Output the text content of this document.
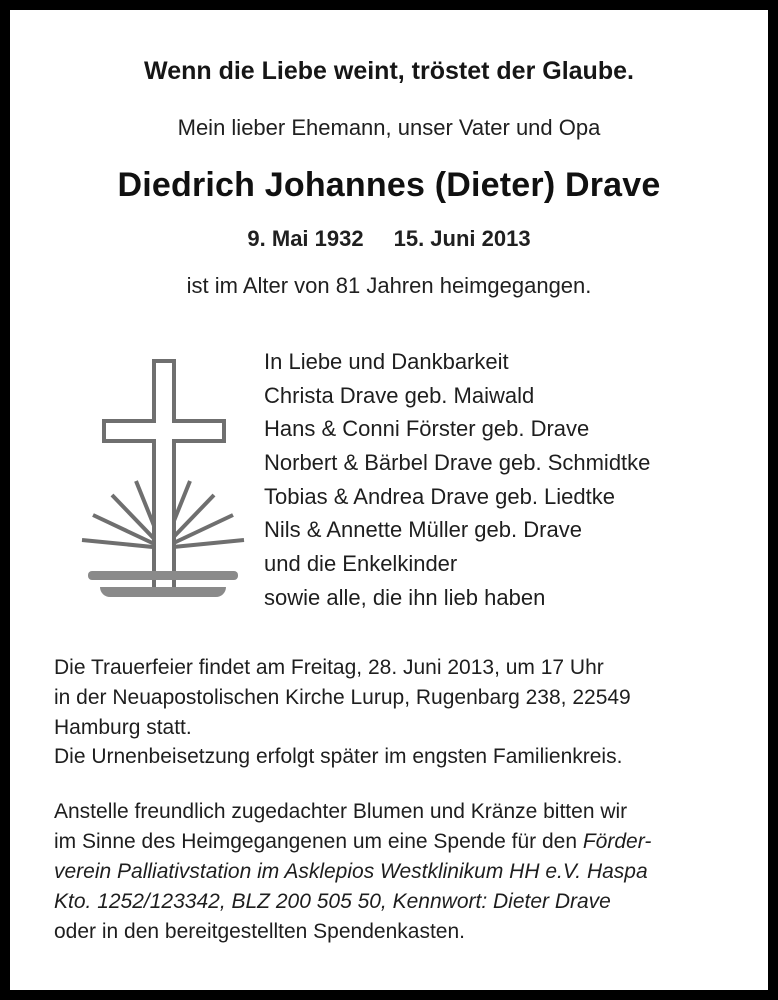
Wenn die Liebe weint, tröstet der Glaube.
Mein lieber Ehemann, unser Vater und Opa
Diedrich Johannes (Dieter) Drave
9. Mai 1932 15. Juni 2013
ist im Alter von 81 Jahren heimgegangen.
In Liebe und Dankbarkeit
Christa Drave geb. Maiwald
Hans & Conni Förster geb. Drave
Norbert & Bärbel Drave geb. Schmidtke
Tobias & Andrea Drave geb. Liedtke
Nils & Annette Müller geb. Drave
und die Enkelkinder
sowie alle, die ihn lieb haben

Die Trauerfeier findet am Freitag, 28. Juni 2013, um 17 Uhr

in der Neuapostolischen Kirche Lurup, Rugenbarg 238, 22549

Hamburg statt.

Die Urnenbeisetzung erfolgt später im engsten Familienkreis.

Anstelle freundlich zugedachter Blumen und Kränze bitten wir

im Sinne des Heimgegangenen um eine Spende für den Förder-

verein Palliativstation im Asklepios Westklinikum HH e.V. Haspa

Kto. 1252/123342, BLZ 200 505 50, Kennwort: Dieter Drave

oder in den bereitgestellten Spendenkasten.
